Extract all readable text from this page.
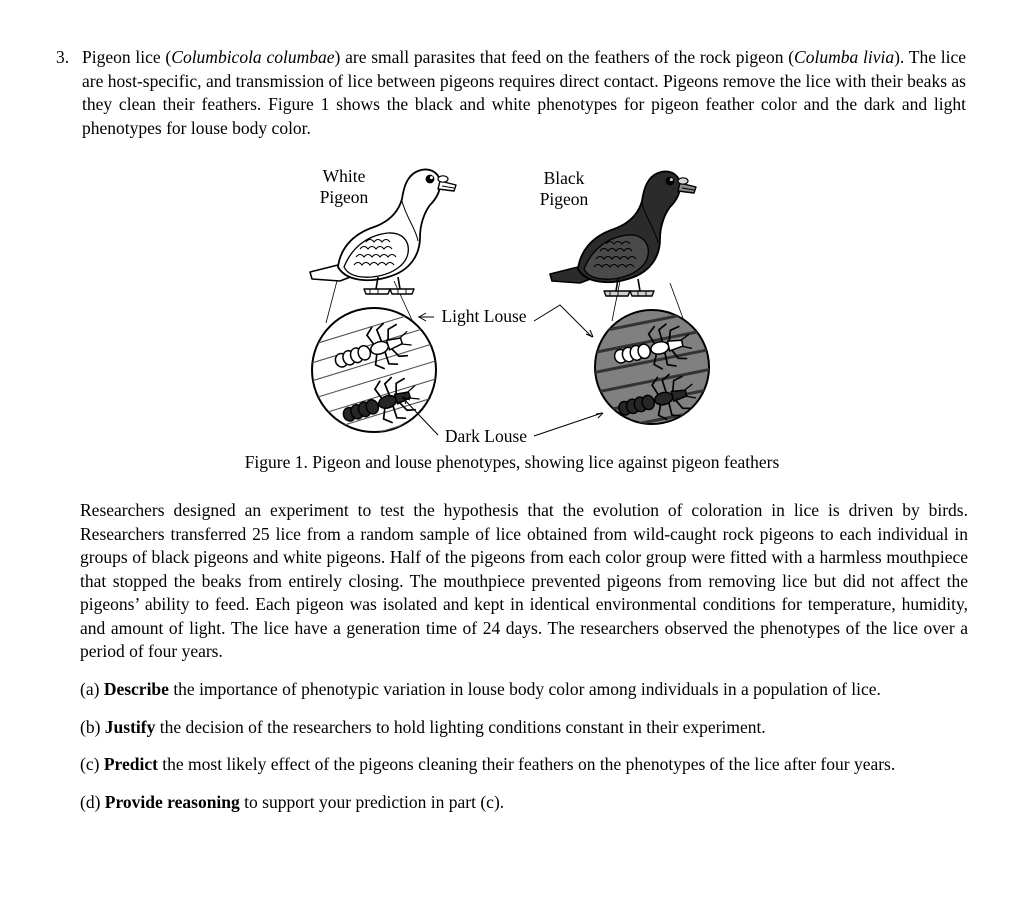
3. Pigeon lice (Columbicola columbae) are small parasites that feed on the feathers of the rock pigeon (Columba livia). The lice are host-specific, and transmission of lice between pigeons requires direct contact. Pigeons remove the lice with their beaks as they clean their feathers. Figure 1 shows the black and white phenotypes for pigeon feather color and the dark and light phenotypes for louse body color.
White
Pigeon
Black
Pigeon
Light Louse
Dark Louse
Figure 1. Pigeon and louse phenotypes, showing lice against pigeon feathers
Researchers designed an experiment to test the hypothesis that the evolution of coloration in lice is driven by birds. Researchers transferred 25 lice from a random sample of lice obtained from wild-caught rock pigeons to each individual in groups of black pigeons and white pigeons. Half of the pigeons from each color group were fitted with a harmless mouthpiece that stopped the beaks from entirely closing. The mouthpiece prevented pigeons from removing lice but did not affect the pigeons’ ability to feed. Each pigeon was isolated and kept in identical environmental conditions for temperature, humidity, and amount of light. The lice have a generation time of 24 days. The researchers observed the phenotypes of the lice over a period of four years.
(a) Describe the importance of phenotypic variation in louse body color among individuals in a population of lice.
(b) Justify the decision of the researchers to hold lighting conditions constant in their experiment.
(c) Predict the most likely effect of the pigeons cleaning their feathers on the phenotypes of the lice after four years.
(d) Provide reasoning to support your prediction in part (c).
